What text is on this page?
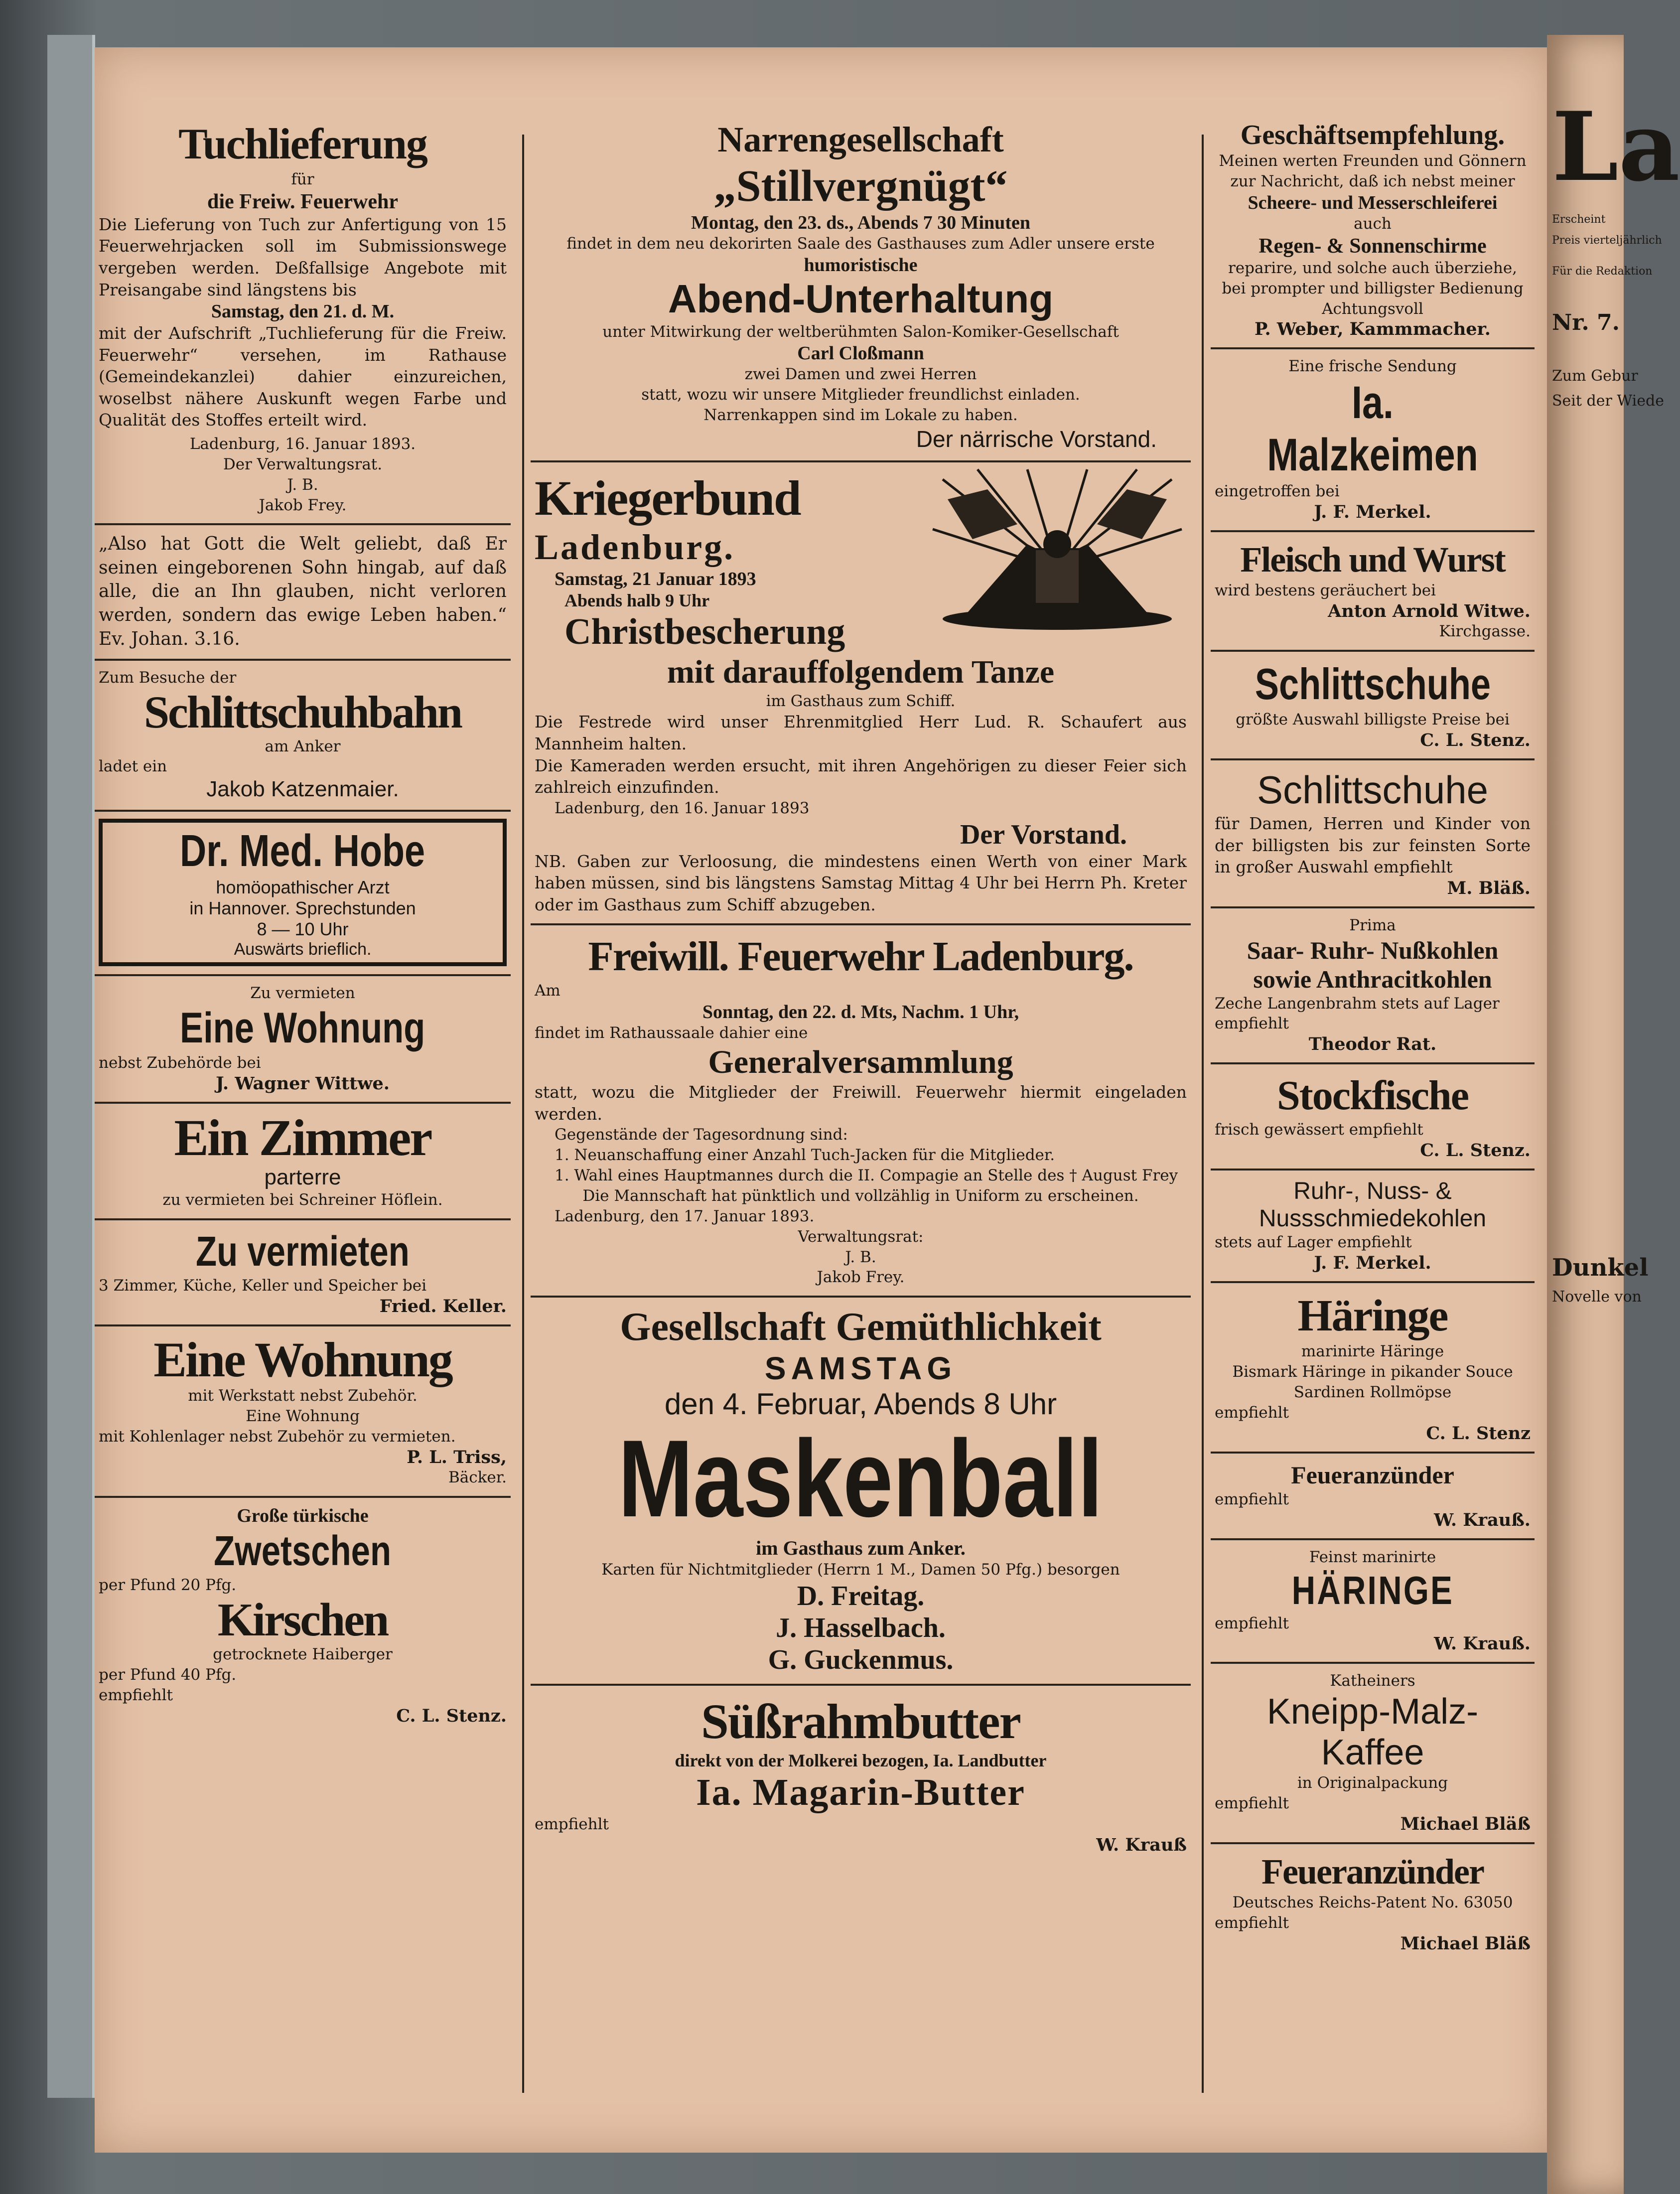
La
Erscheint
Preis vierteljährlich
Für die Redaktion
Nr. 7.
Zum Gebur
Seit der Wiede
Dunkel
Novelle von
Tuchlieferung

für

die Freiw. Feuerwehr

Die Lieferung von Tuch zur Anfertigung von 15 Feuerwehrjacken soll im Submissionswege vergeben werden. Deßfallsige Angebote mit Preisangabe sind längstens bis

Samstag, den 21. d. M.

mit der Aufschrift „Tuchlieferung für die Freiw. Feuerwehr“ versehen, im Rathause (Gemeindekanzlei) dahier einzureichen, woselbst nähere Auskunft wegen Farbe und Qualität des Stoffes erteilt wird.

Ladenburg, 16. Januar 1893.

Der Verwaltungsrat.

J. B.

Jakob Frey.

„Also hat Gott die Welt geliebt, daß Er seinen eingeborenen Sohn hingab, auf daß alle, die an Ihn glauben, nicht verloren werden, sondern das ewige Leben haben.“ Ev. Johan. 3.16.

Zum Besuche der

Schlittschuhbahn

am Anker

ladet ein

Jakob Katzenmaier.

Dr. Med. Hobe

homöopathischer Arzt

in Hannover. Sprechstunden

8 — 10 Uhr

Auswärts brieflich.

Zu vermieten

Eine Wohnung

nebst Zubehörde bei

J. Wagner Wittwe.

Ein Zimmer

parterre

zu vermieten bei Schreiner Höflein.

Zu vermieten

3 Zimmer, Küche, Keller und Speicher bei

Fried. Keller.

Eine Wohnung

mit Werkstatt nebst Zubehör.

Eine Wohnung

mit Kohlenlager nebst Zubehör zu vermieten.

P. L. Triss,

Bäcker.

Große türkische

Zwetschen

per Pfund 20 Pfg.

Kirschen

getrocknete Haiberger

per Pfund 40 Pfg.

empfiehlt

C. L. Stenz.

Narrengesellschaft
„Stillvergnügt“

Montag, den 23. ds., Abends 7 30 Minuten

findet in dem neu dekorirten Saale des Gasthauses zum Adler unsere erste

humoristische

Abend-Unterhaltung

unter Mitwirkung der weltberühmten Salon-Komiker-Gesellschaft

Carl Cloßmann

zwei Damen und zwei Herren

statt, wozu wir unsere Mitglieder freundlichst einladen.

Narrenkappen sind im Lokale zu haben.

Der närrische Vorstand.

Kriegerbund
Ladenburg.

Samstag, 21 Januar 1893

Abends halb 9 Uhr

Christbescherung
mit darauffolgendem Tanze

im Gasthaus zum Schiff.

Die Festrede wird unser Ehrenmitglied Herr Lud. R. Schaufert aus Mannheim halten.

Die Kameraden werden ersucht, mit ihren Angehörigen zu dieser Feier sich zahlreich einzufinden.

Ladenburg, den 16. Januar 1893

Der Vorstand.

NB. Gaben zur Verloosung, die mindestens einen Werth von einer Mark haben müssen, sind bis längstens Samstag Mittag 4 Uhr bei Herrn Ph. Kreter oder im Gasthaus zum Schiff abzugeben.

Freiwill. Feuerwehr Ladenburg.

Am

Sonntag, den 22. d. Mts, Nachm. 1 Uhr,

findet im Rathaussaale dahier eine

Generalversammlung

statt, wozu die Mitglieder der Freiwill. Feuerwehr hiermit eingeladen werden.

Gegenstände der Tagesordnung sind:

1. Neuanschaffung einer Anzahl Tuch-Jacken für die Mitglieder.

1. Wahl eines Hauptmannes durch die II. Compagie an Stelle des † August Frey

Die Mannschaft hat pünktlich und vollzählig in Uniform zu erscheinen.

Ladenburg, den 17. Januar 1893.

Verwaltungsrat:

J. B.

Jakob Frey.

Gesellschaft Gemüthlichkeit
SAMSTAG
den 4. Februar, Abends 8 Uhr
Maskenball

im Gasthaus zum Anker.

Karten für Nichtmitglieder (Herrn 1 M., Damen 50 Pfg.) besorgen

D. Freitag.

J. Hasselbach.

G. Guckenmus.

Süßrahmbutter

direkt von der Molkerei bezogen, Ia. Landbutter

Ia. Magarin-Butter

empfiehlt

W. Krauß

Geschäftsempfehlung.

Meinen werten Freunden und Gönnern zur Nachricht, daß ich nebst meiner

Scheere- und Messerschleiferei

auch

Regen- & Sonnenschirme

reparire, und solche auch überziehe, bei prompter und billigster Bedienung

Achtungsvoll

P. Weber, Kammmacher.

Eine frische Sendung

Ia. Malzkeimen

eingetroffen bei

J. F. Merkel.

Fleisch und Wurst

wird bestens geräuchert bei

Anton Arnold Witwe.

Kirchgasse.

Schlittschuhe

größte Auswahl billigste Preise bei

C. L. Stenz.

Schlittschuhe

für Damen, Herren und Kinder von der billigsten bis zur feinsten Sorte in großer Auswahl empfiehlt

M. Bläß.

Prima

Saar- Ruhr- Nußkohlen

sowie Anthracitkohlen

Zeche Langenbrahm stets auf Lager empfiehlt

Theodor Rat.

Stockfische

frisch gewässert empfiehlt

C. L. Stenz.

Ruhr-, Nuss- &

Nussschmiedekohlen

stets auf Lager empfiehlt

J. F. Merkel.

Häringe

marinirte Häringe

Bismark Häringe in pikander Souce

Sardinen Rollmöpse

empfiehlt

C. L. Stenz

Feueranzünder

empfiehlt

W. Krauß.

Feinst marinirte

HÄRINGE

empfiehlt

W. Krauß.

Katheiners

Kneipp-Malz-
Kaffee

in Originalpackung

empfiehlt

Michael Bläß

Feueranzünder

Deutsches Reichs-Patent No. 63050

empfiehlt

Michael Bläß
